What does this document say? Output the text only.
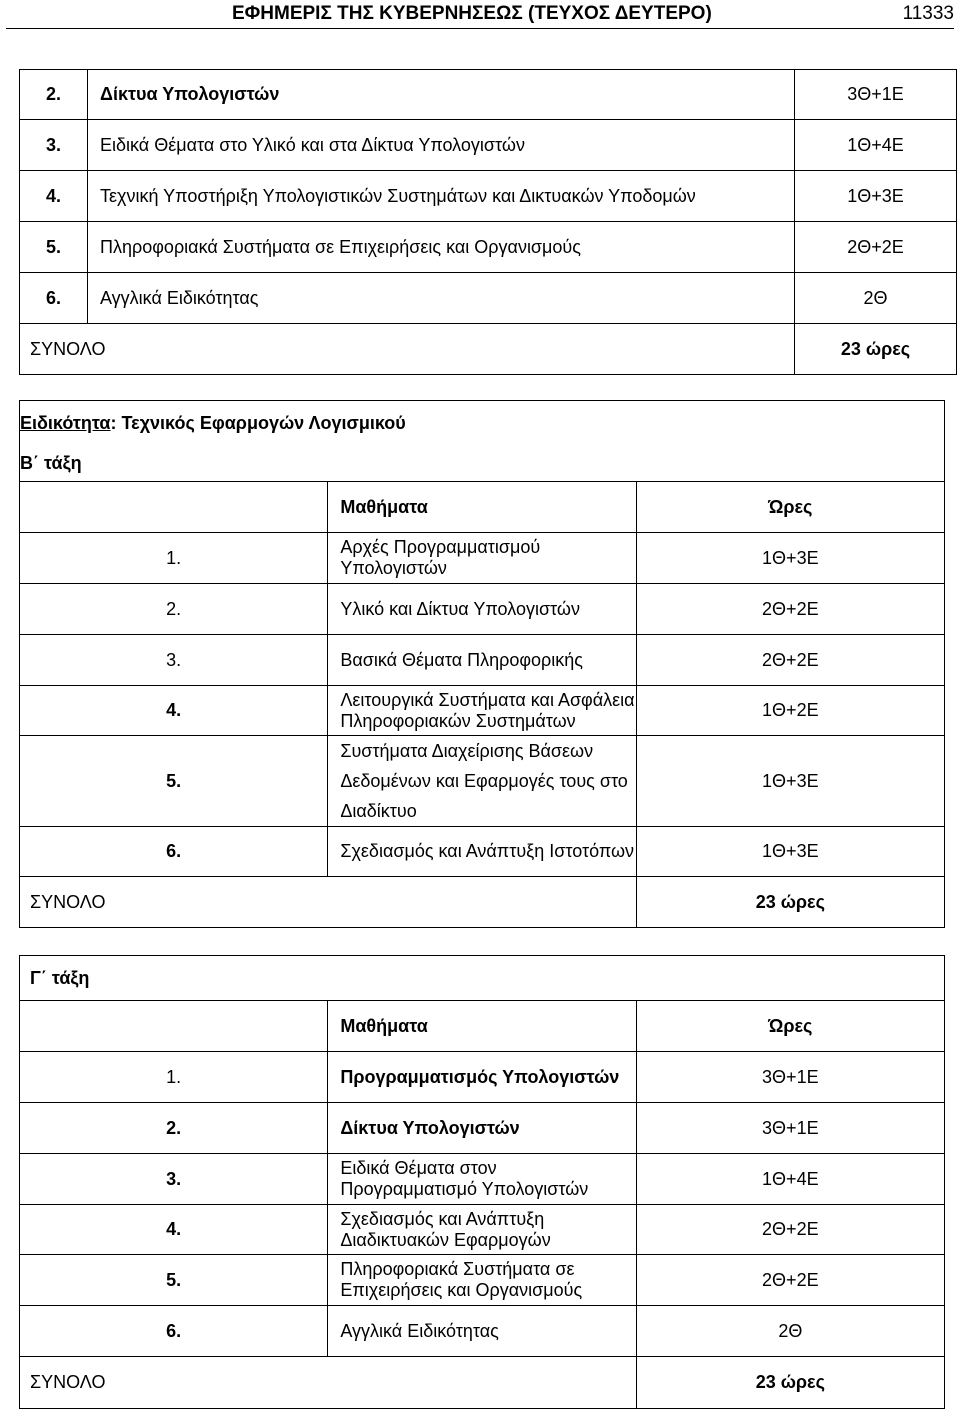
ΕΦΗΜΕΡΙΣ ΤΗΣ ΚΥΒΕΡΝΗΣΕΩΣ (ΤΕΥΧΟΣ ΔΕΥΤΕΡΟ)	11333
2.	Δίκτυα Υπολογιστών	3Θ+1Ε
3.	Ειδικά Θέματα στο Υλικό και στα Δίκτυα Υπολογιστών	1Θ+4Ε
4.	Τεχνική Υποστήριξη Υπολογιστικών Συστημάτων και Δικτυακών Υποδομών	1Θ+3Ε
5.	Πληροφοριακά Συστήματα σε Επιχειρήσεις και Οργανισμούς	2Θ+2Ε
6.	Αγγλικά Ειδικότητας	2Θ
ΣΥΝΟΛΟ		23 ώρες
Ειδικότητα: Τεχνικός Εφαρμογών Λογισμικού		
Β΄ τάξη		
	Μαθήματα	Ώρες
1.	Αρχές Προγραμματισμού Υπολογιστών	1Θ+3Ε
2.	Υλικό και Δίκτυα Υπολογιστών	2Θ+2Ε
3.	Βασικά Θέματα Πληροφορικής	2Θ+2Ε
4.	Λειτουργικά Συστήματα και Ασφάλεια Πληροφοριακών Συστημάτων	1Θ+2Ε
5.	Συστήματα Διαχείρισης Βάσεων Δεδομένων και Εφαρμογές τους στο
Διαδίκτυο	1Θ+3Ε
6.	Σχεδιασμός και Ανάπτυξη Ιστοτόπων	1Θ+3Ε
ΣΥΝΟΛΟ		23 ώρες
Γ΄ τάξη		
	Μαθήματα	Ώρες
1.	Προγραμματισμός Υπολογιστών	3Θ+1Ε
2.	Δίκτυα Υπολογιστών	3Θ+1Ε
3.	Ειδικά Θέματα στον Προγραμματισμό Υπολογιστών	1Θ+4Ε
4.	Σχεδιασμός και Ανάπτυξη Διαδικτυακών Εφαρμογών	2Θ+2Ε
5.	Πληροφοριακά Συστήματα σε Επιχειρήσεις και Οργανισμούς	2Θ+2Ε
6.	Αγγλικά Ειδικότητας	2Θ
ΣΥΝΟΛΟ		23 ώρες
